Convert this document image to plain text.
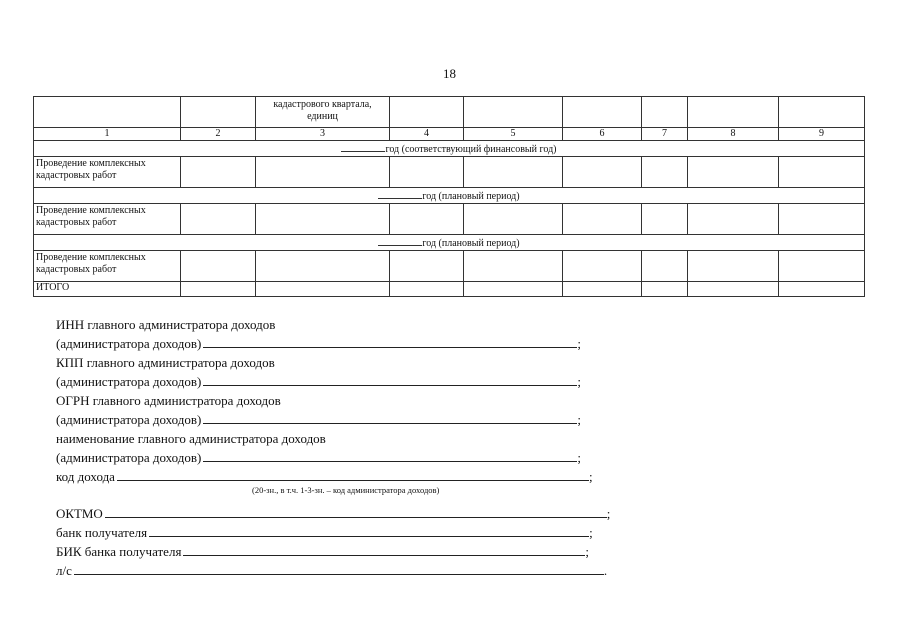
18
		кадастрового квартала, единиц						
1	2	3	4	5	6	7	8	9
год (соответствующий финансовый год)								
Проведение комплексных кадастровых работ								
год (плановый период)								
Проведение комплексных кадастровых работ								
год (плановый период)								
Проведение комплексных кадастровых работ								
ИТОГО								
ИНН главного администратора доходов
(администратора доходов)	;
КПП главного администратора доходов
(администратора доходов)	;
ОГРН главного администратора доходов
(администратора доходов)	;
наименование главного администратора доходов
(администратора доходов)	;
код дохода	;
(20-зн., в т.ч. 1-3-зн. – код администратора доходов)
ОКТМО	;
банк получателя	;
БИК банка получателя	;
л/с	.
